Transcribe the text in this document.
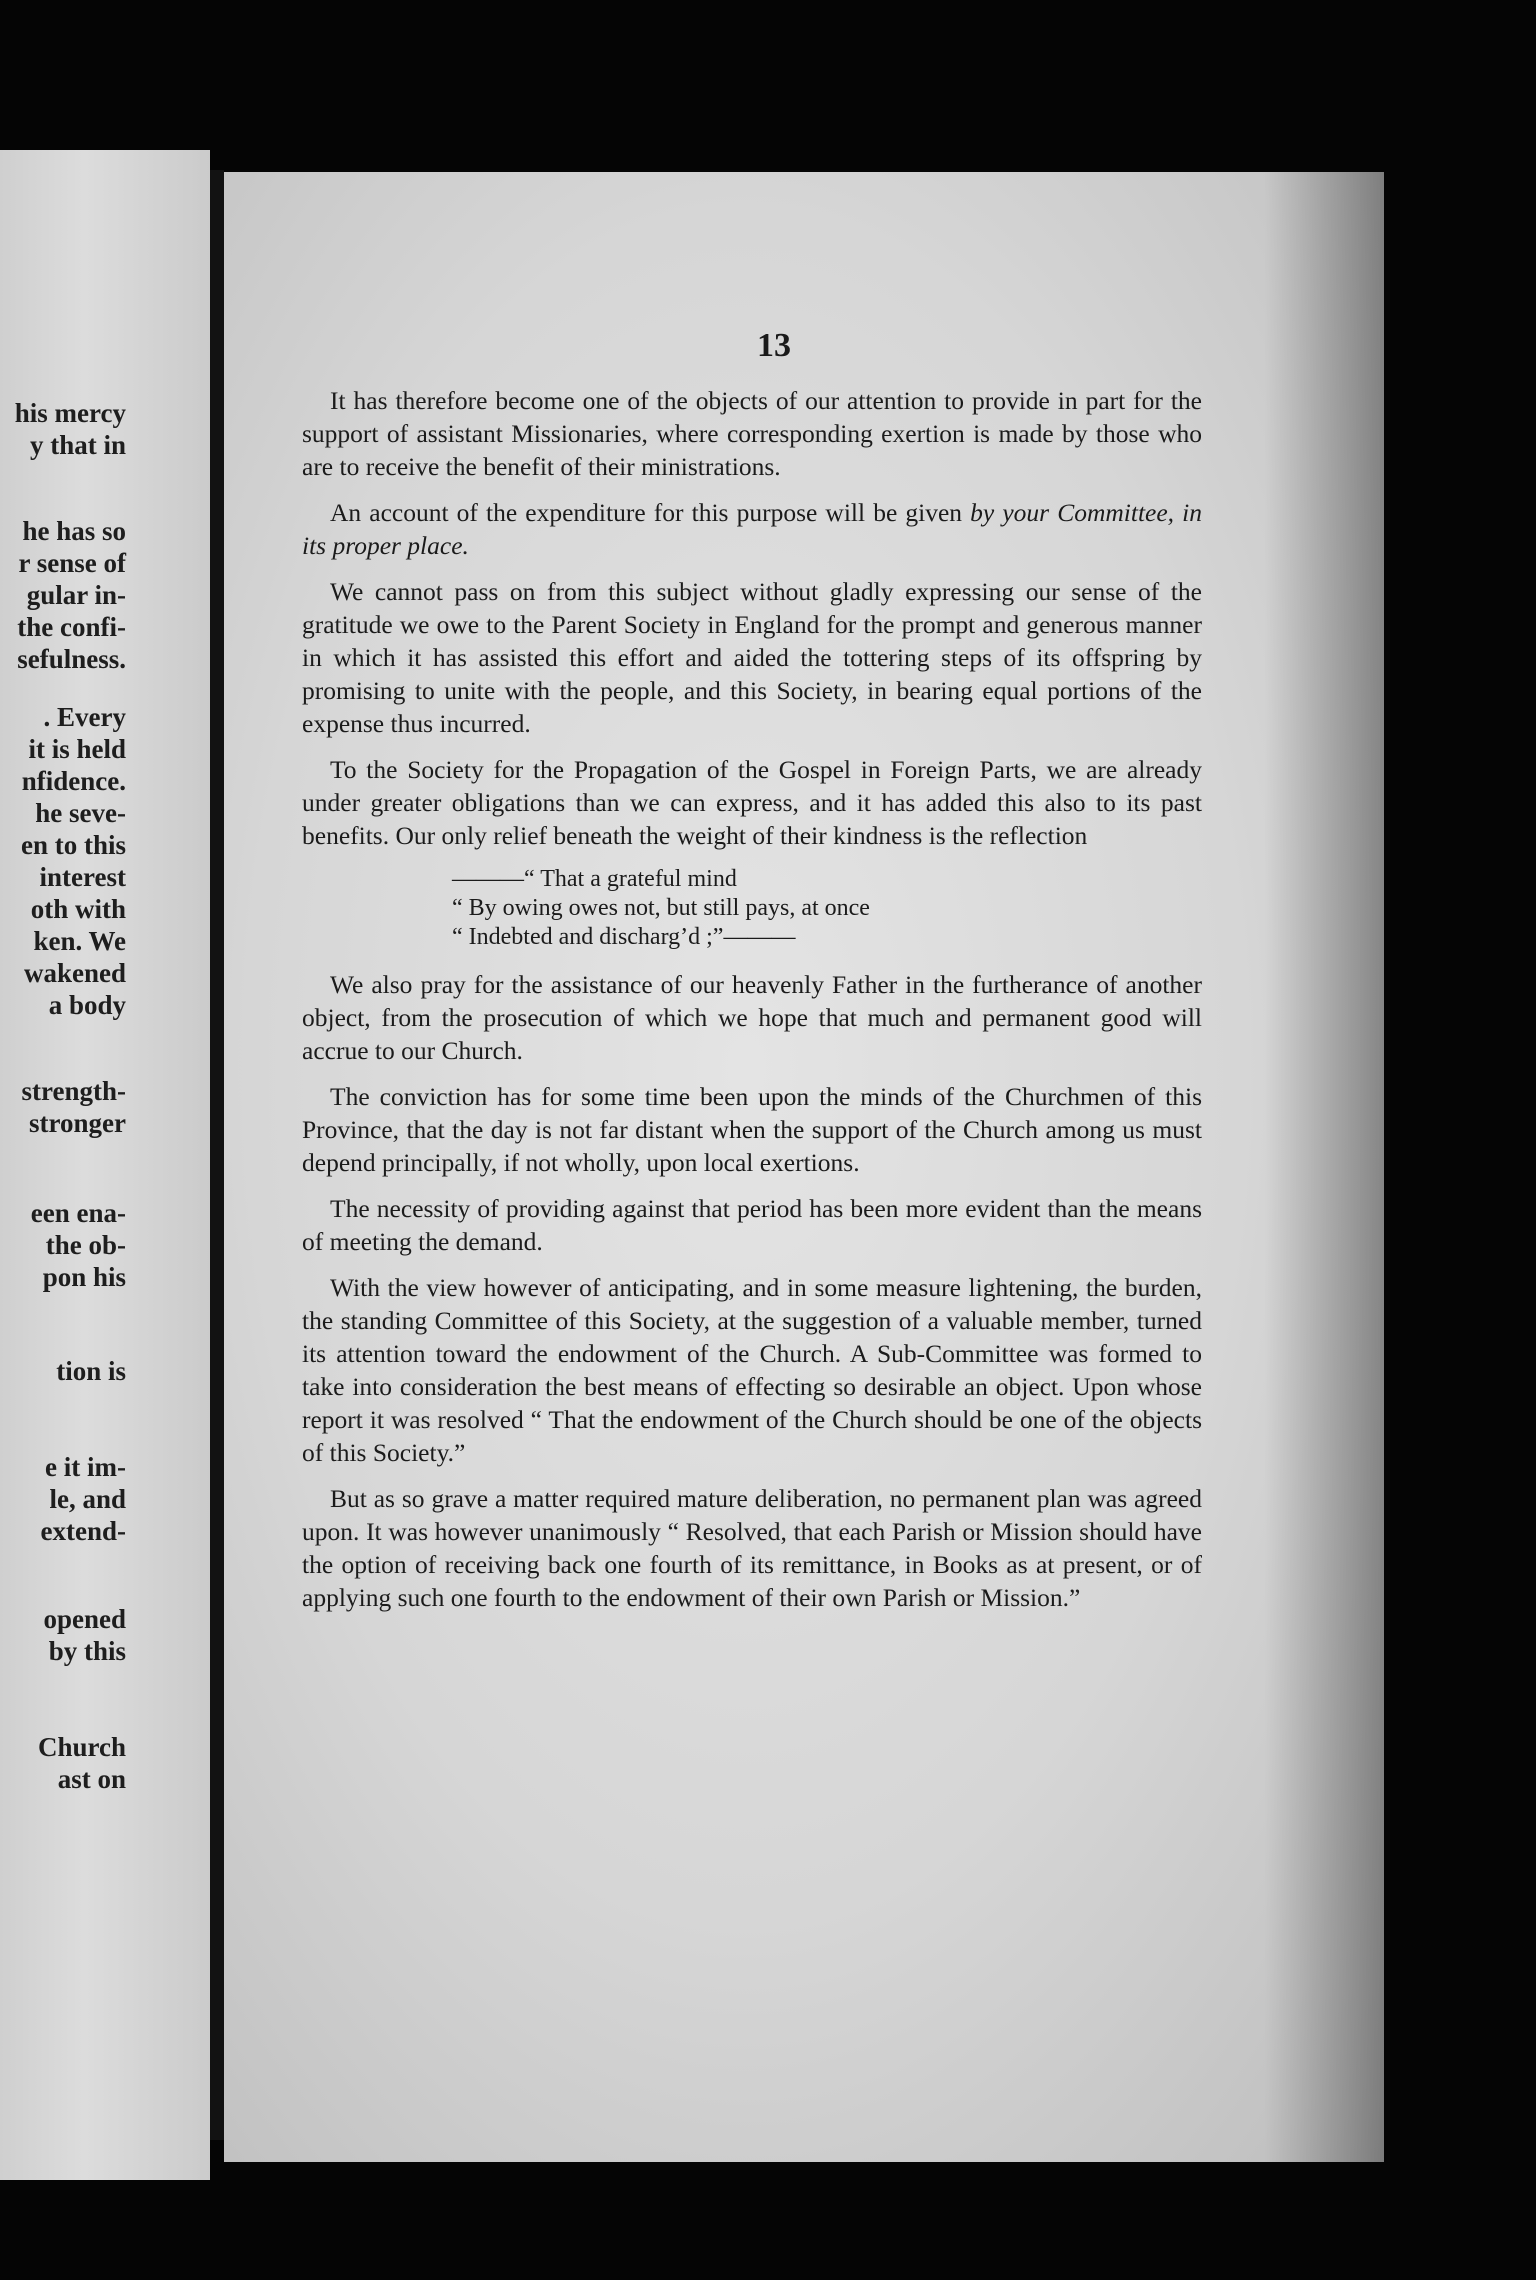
his mercy
y that in
he has so
r sense of
gular in-
the confi-
sefulness.
. Every
it is held
nfidence.
he seve-
en to this
interest
oth with
ken. We
wakened
a body
strength-
stronger
een ena-
the ob-
pon his
tion is
e it im-
le, and
extend-
opened
by this
Church
ast on
13

It has therefore become one of the objects of our attention to provide in part for the support of assistant Missionaries, where corresponding exertion is made by those who are to receive the benefit of their ministrations.

An account of the expenditure for this purpose will be given by your Committee, in its proper place.

We cannot pass on from this subject without gladly expressing our sense of the gratitude we owe to the Parent Society in England for the prompt and generous manner in which it has assisted this effort and aided the tottering steps of its offspring by promising to unite with the people, and this Society, in bearing equal portions of the expense thus incurred.

To the Society for the Propagation of the Gospel in Foreign Parts, we are already under greater obligations than we can express, and it has added this also to its past benefits. Our only relief beneath the weight of their kindness is the reflection

———“ That a grateful mind
“ By owing owes not, but still pays, at once
“ Indebted and discharg’d ;”———

We also pray for the assistance of our heavenly Father in the furtherance of another object, from the prosecution of which we hope that much and permanent good will accrue to our Church.

The conviction has for some time been upon the minds of the Churchmen of this Province, that the day is not far distant when the support of the Church among us must depend principally, if not wholly, upon local exertions.

The necessity of providing against that period has been more evident than the means of meeting the demand.

With the view however of anticipating, and in some measure lightening, the burden, the standing Committee of this Society, at the suggestion of a valuable member, turned its attention toward the endowment of the Church. A Sub-Committee was formed to take into consideration the best means of effecting so desirable an object. Upon whose report it was resolved “ That the endowment of the Church should be one of the objects of this Society.”

But as so grave a matter required mature deliberation, no permanent plan was agreed upon. It was however unanimously “ Resolved, that each Parish or Mission should have the option of receiving back one fourth of its remittance, in Books as at present, or of applying such one fourth to the endowment of their own Parish or Mission.”
